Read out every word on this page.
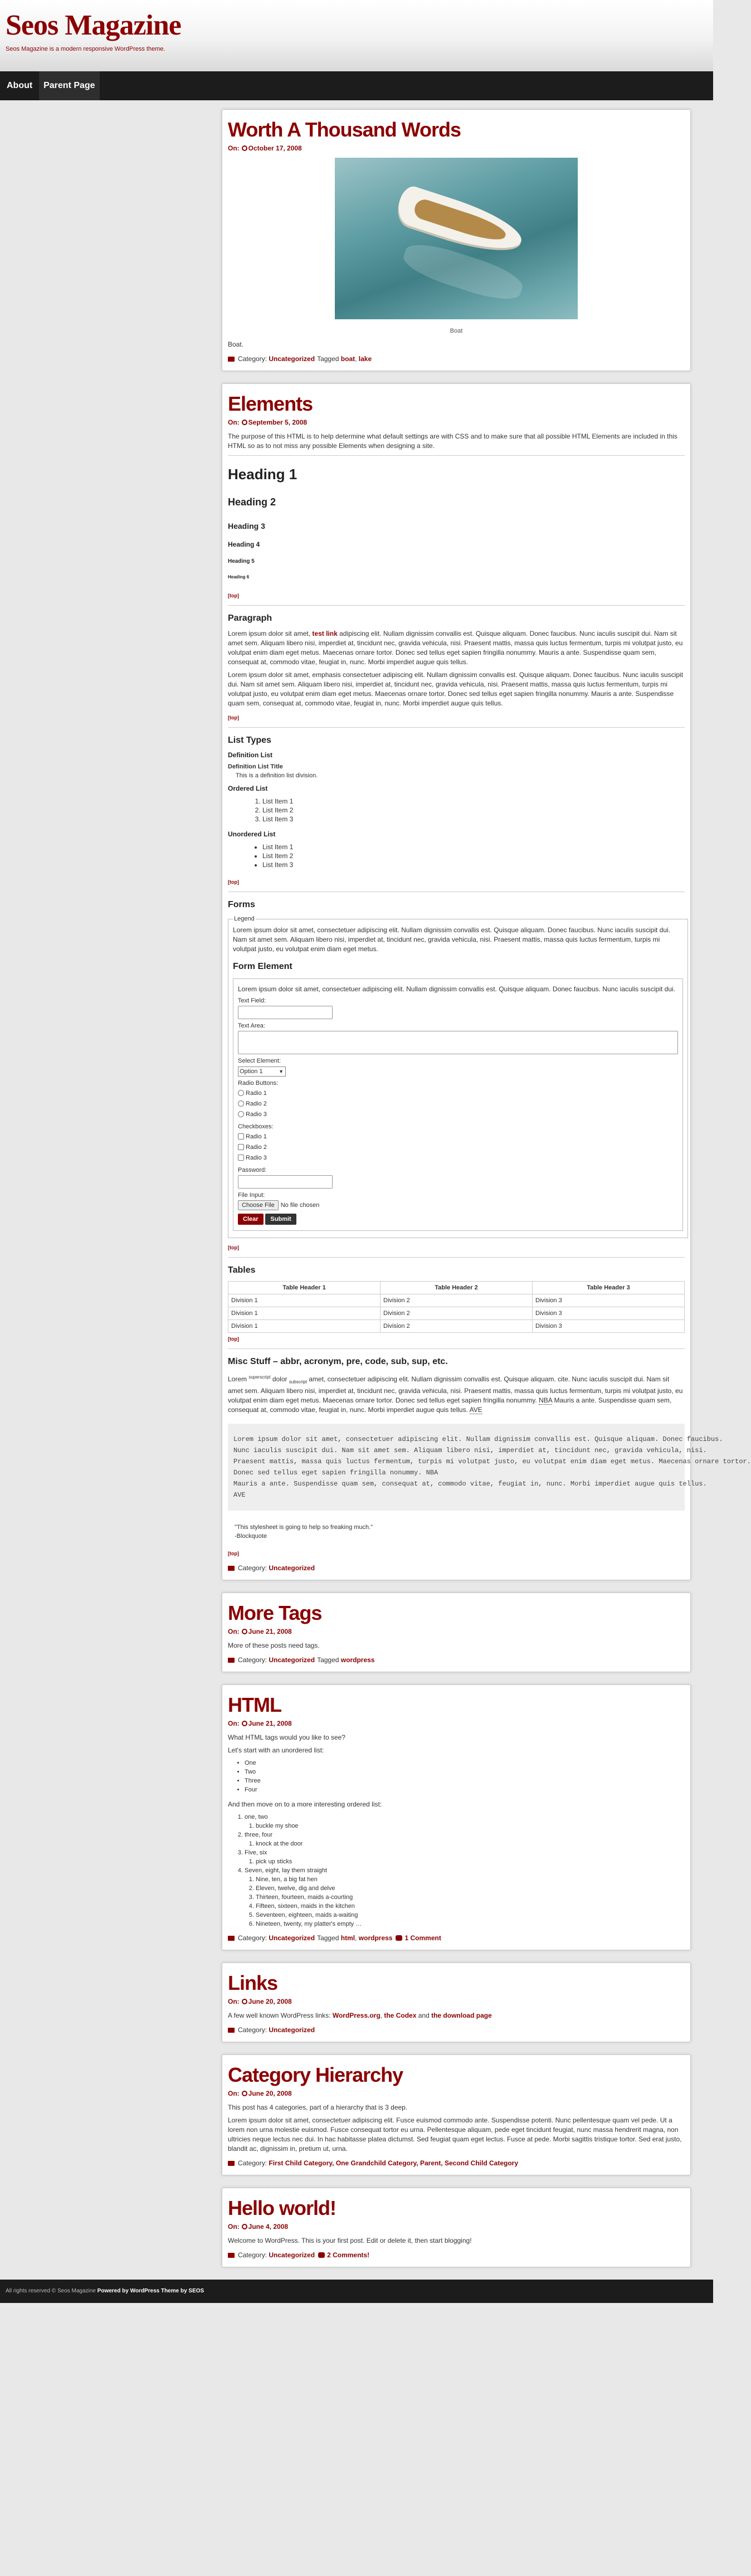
Seos Magazine
Seos Magazine is a modern responsive WordPress theme.
About Parent Page
Worth A Thousand Words
On: October 17, 2008
Boat

Boat.

Category: Uncategorized Tagged boat, lake
Elements
On: September 5, 2008

The purpose of this HTML is to help determine what default settings are with CSS and to make sure that all possible HTML Elements are included in this HTML so as to not miss any possible Elements when designing a site.

Heading 1
Heading 2
Heading 3
Heading 4
Heading 5
Heading 6
[top]
Paragraph

Lorem ipsum dolor sit amet, test link adipiscing elit. Nullam dignissim convallis est. Quisque aliquam. Donec faucibus. Nunc iaculis suscipit dui. Nam sit amet sem. Aliquam libero nisi, imperdiet at, tincidunt nec, gravida vehicula, nisi. Praesent mattis, massa quis luctus fermentum, turpis mi volutpat justo, eu volutpat enim diam eget metus. Maecenas ornare tortor. Donec sed tellus eget sapien fringilla nonummy. Mauris a ante. Suspendisse quam sem, consequat at, commodo vitae, feugiat in, nunc. Morbi imperdiet augue quis tellus.

Lorem ipsum dolor sit amet, emphasis consectetuer adipiscing elit. Nullam dignissim convallis est. Quisque aliquam. Donec faucibus. Nunc iaculis suscipit dui. Nam sit amet sem. Aliquam libero nisi, imperdiet at, tincidunt nec, gravida vehicula, nisi. Praesent mattis, massa quis luctus fermentum, turpis mi volutpat justo, eu volutpat enim diam eget metus. Maecenas ornare tortor. Donec sed tellus eget sapien fringilla nonummy. Mauris a ante. Suspendisse quam sem, consequat at, commodo vitae, feugiat in, nunc. Morbi imperdiet augue quis tellus.

[top]
List Types
Definition List
Definition List Title
This is a definition list division.
Ordered List
1. List Item 1
2. List Item 2
3. List Item 3
Unordered List
• List Item 1
• List Item 2
• List Item 3
[top]
Forms
Legend

Lorem ipsum dolor sit amet, consectetuer adipiscing elit. Nullam dignissim convallis est. Quisque aliquam. Donec faucibus. Nunc iaculis suscipit dui. Nam sit amet sem. Aliquam libero nisi, imperdiet at, tincidunt nec, gravida vehicula, nisi. Praesent mattis, massa quis luctus fermentum, turpis mi volutpat justo, eu volutpat enim diam eget metus.

Form Element

Lorem ipsum dolor sit amet, consectetuer adipiscing elit. Nullam dignissim convallis est. Quisque aliquam. Donec faucibus. Nunc iaculis suscipit dui.

Text Field:
Text Area:
Select Element:
▼
Option 1
Radio Buttons:
Radio 1
Radio 2
Radio 3
Checkboxes:
Radio 1
Radio 2
Radio 3
Password:
File Input:
Choose File No file chosen
Clear Submit
[top]
Tables
Table Header 1	Table Header 2	Table Header 3
Division 1	Division 2	Division 3
Division 1	Division 2	Division 3
Division 1	Division 2	Division 3
[top]
Misc Stuff – abbr, acronym, pre, code, sub, sup, etc.

Lorem $^{superscript}$ dolor $_{subscript}$ amet, consectetuer adipiscing elit. Nullam dignissim convallis est. Quisque aliquam. cite. Nunc iaculis suscipit dui. Nam sit amet sem. Aliquam libero nisi, imperdiet at, tincidunt nec, gravida vehicula, nisi. Praesent mattis, massa quis luctus fermentum, turpis mi volutpat justo, eu volutpat enim diam eget metus. Maecenas ornare tortor. Donec sed tellus eget sapien fringilla nonummy. NBA Mauris a ante. Suspendisse quam sem, consequat at, commodo vitae, feugiat in, nunc. Morbi imperdiet augue quis tellus. AVE

Lorem ipsum dolor sit amet, consectetuer adipiscing elit. Nullam dignissim convallis est. Quisque aliquam. Donec faucibus.
Nunc iaculis suscipit dui. Nam sit amet sem. Aliquam libero nisi, imperdiet at, tincidunt nec, gravida vehicula, nisi.
Praesent mattis, massa quis luctus fermentum, turpis mi volutpat justo, eu volutpat enim diam eget metus. Maecenas ornare tortor.
Donec sed tellus eget sapien fringilla nonummy. NBA
Mauris a ante. Suspendisse quam sem, consequat at, commodo vitae, feugiat in, nunc. Morbi imperdiet augue quis tellus.
AVE
"This stylesheet is going to help so freaking much."
-Blockquote
[top]
Category: Uncategorized
More Tags
On: June 21, 2008

More of these posts need tags.

Category: Uncategorized Tagged wordpress
HTML
On: June 21, 2008

What HTML tags would you like to see?

Let's start with an unordered list:

• One
• Two
• Three
• Four

And then move on to a more interesting ordered list:

1. one, two
1. buckle my shoe
2. three, four
1. knock at the door
3. Five, six
1. pick up sticks
4. Seven, eight, lay them straight
1. Nine, ten, a big fat hen
2. Eleven, twelve, dig and delve
3. Thirteen, fourteen, maids a-courting
4. Fifteen, sixteen, maids in the kitchen
5. Seventeen, eighteen, maids a-waiting
6. Nineteen, twenty, my platter's empty …
Category: Uncategorized Tagged html, wordpress 1 Comment
Links
On: June 20, 2008

A few well known WordPress links: WordPress.org, the Codex and the download page

Category: Uncategorized
Category Hierarchy
On: June 20, 2008

This post has 4 categories, part of a hierarchy that is 3 deep.

Lorem ipsum dolor sit amet, consectetuer adipiscing elit. Fusce euismod commodo ante. Suspendisse potenti. Nunc pellentesque quam vel pede. Ut a lorem non urna molestie euismod. Fusce consequat tortor eu urna. Pellentesque aliquam, pede eget tincidunt feugiat, nunc massa hendrerit magna, non ultricies neque lectus nec dui. In hac habitasse platea dictumst. Sed feugiat quam eget lectus. Fusce at pede. Morbi sagittis tristique tortor. Sed erat justo, blandit ac, dignissim in, pretium ut, urna.

Category: First Child Category, One Grandchild Category, Parent, Second Child Category
Hello world!
On: June 4, 2008

Welcome to WordPress. This is your first post. Edit or delete it, then start blogging!

Category: Uncategorized 2 Comments!
All rights reserved © Seos Magazine Powered by WordPress Theme by SEOS
